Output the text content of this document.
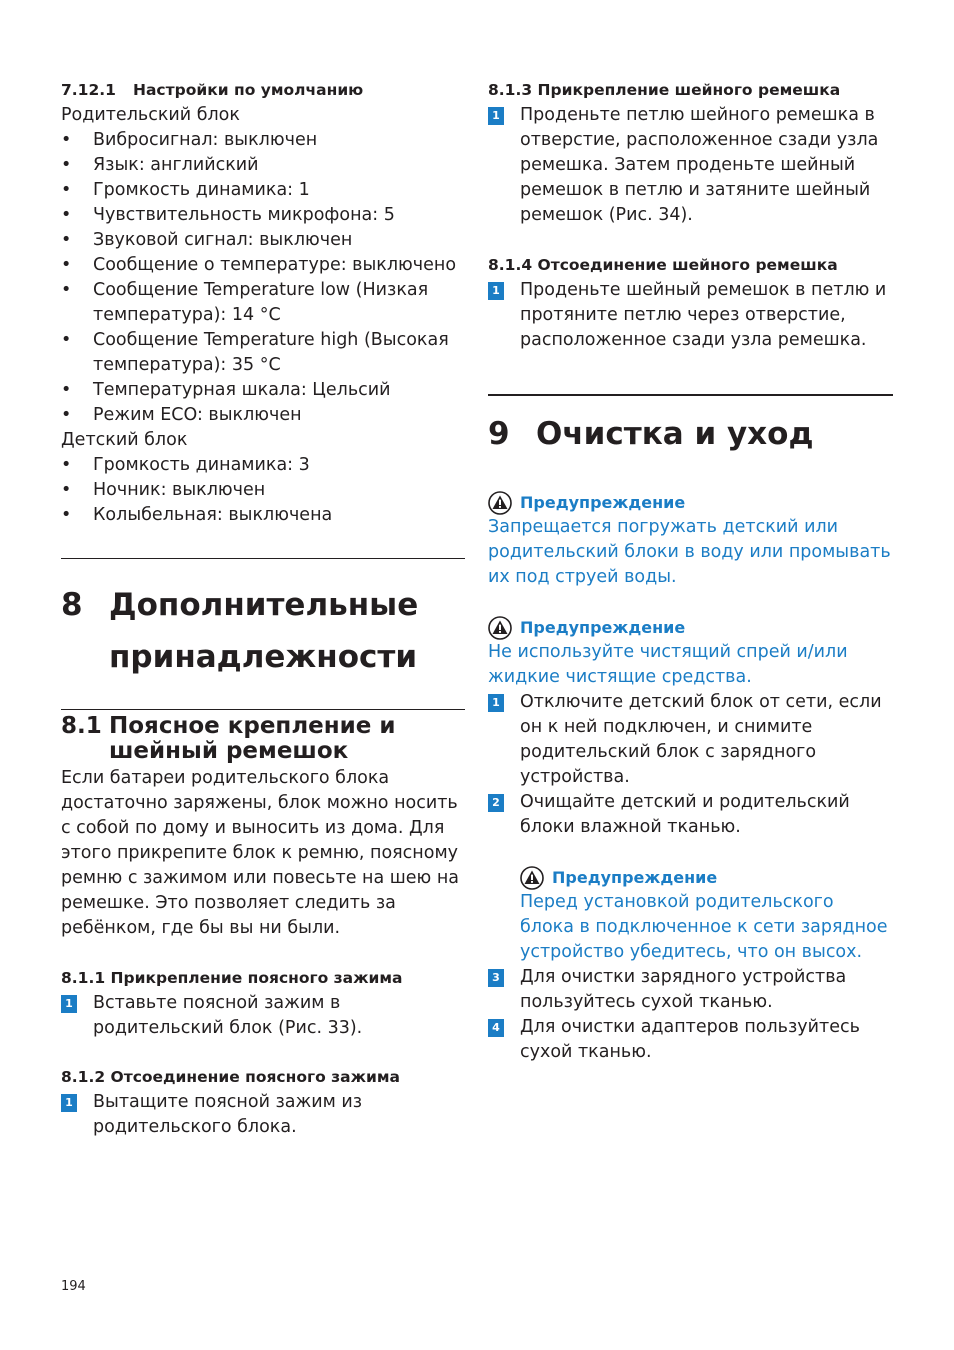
7.12.1 Настройки по умолчанию

Родительский блок

• Вибросигнал: выключен
• Язык: английский
• Громкость динамика: 1
• Чувствительность микрофона: 5
• Звуковой сигнал: выключен
• Сообщение о температуре: выключено
• Сообщение Temperature low (Низкая температура): 14 °C
• Сообщение Temperature high (Высокая температура): 35 °C
• Температурная шкала: Цельсий
• Режим ECO: выключен

Детский блок

• Громкость динамика: 3
• Ночник: выключен
• Колыбельная: выключена
8 Дополнительные принадлежности
8.1 Поясное крепление и шейный ремешок

Если батареи родительского блока достаточно заряжены, блок можно носить с собой по дому и выносить из дома. Для этого прикрепите блок к ремню, поясному ремню с зажимом или повесьте на шею на ремешке. Это позволяет следить за ребёнком, где бы вы ни были.

8.1.1 Прикрепление поясного зажима

1 Вставьте поясной зажим в родительский блок (Рис. 33).

8.1.2 Отсоединение поясного зажима

1 Вытащите поясной зажим из родительского блока.

8.1.3 Прикрепление шейного ремешка

1 Проденьте петлю шейного ремешка в отверстие, расположенное сзади узла ремешка. Затем проденьте шейный ремешок в петлю и затяните шейный ремешок (Рис. 34).

8.1.4 Отсоединение шейного ремешка

1 Проденьте шейный ремешок в петлю и протяните петлю через отверстие, расположенное сзади узла ремешка.
9 Очистка и уход
Предупреждение

Запрещается погружать детский или родительский блоки в воду или промывать их под струей воды.

Предупреждение

Не используйте чистящий спрей и/или жидкие чистящие средства.

1 Отключите детский блок от сети, если он к ней подключен, и снимите родительский блок с зарядного устройства.
2 Очищайте детский и родительский блоки влажной тканью.
Предупреждение

Перед установкой родительского блока в подключенное к сети зарядное устройство убедитесь, что он высох.

3 Для очистки зарядного устройства пользуйтесь сухой тканью.
4 Для очистки адаптеров пользуйтесь сухой тканью.
194
